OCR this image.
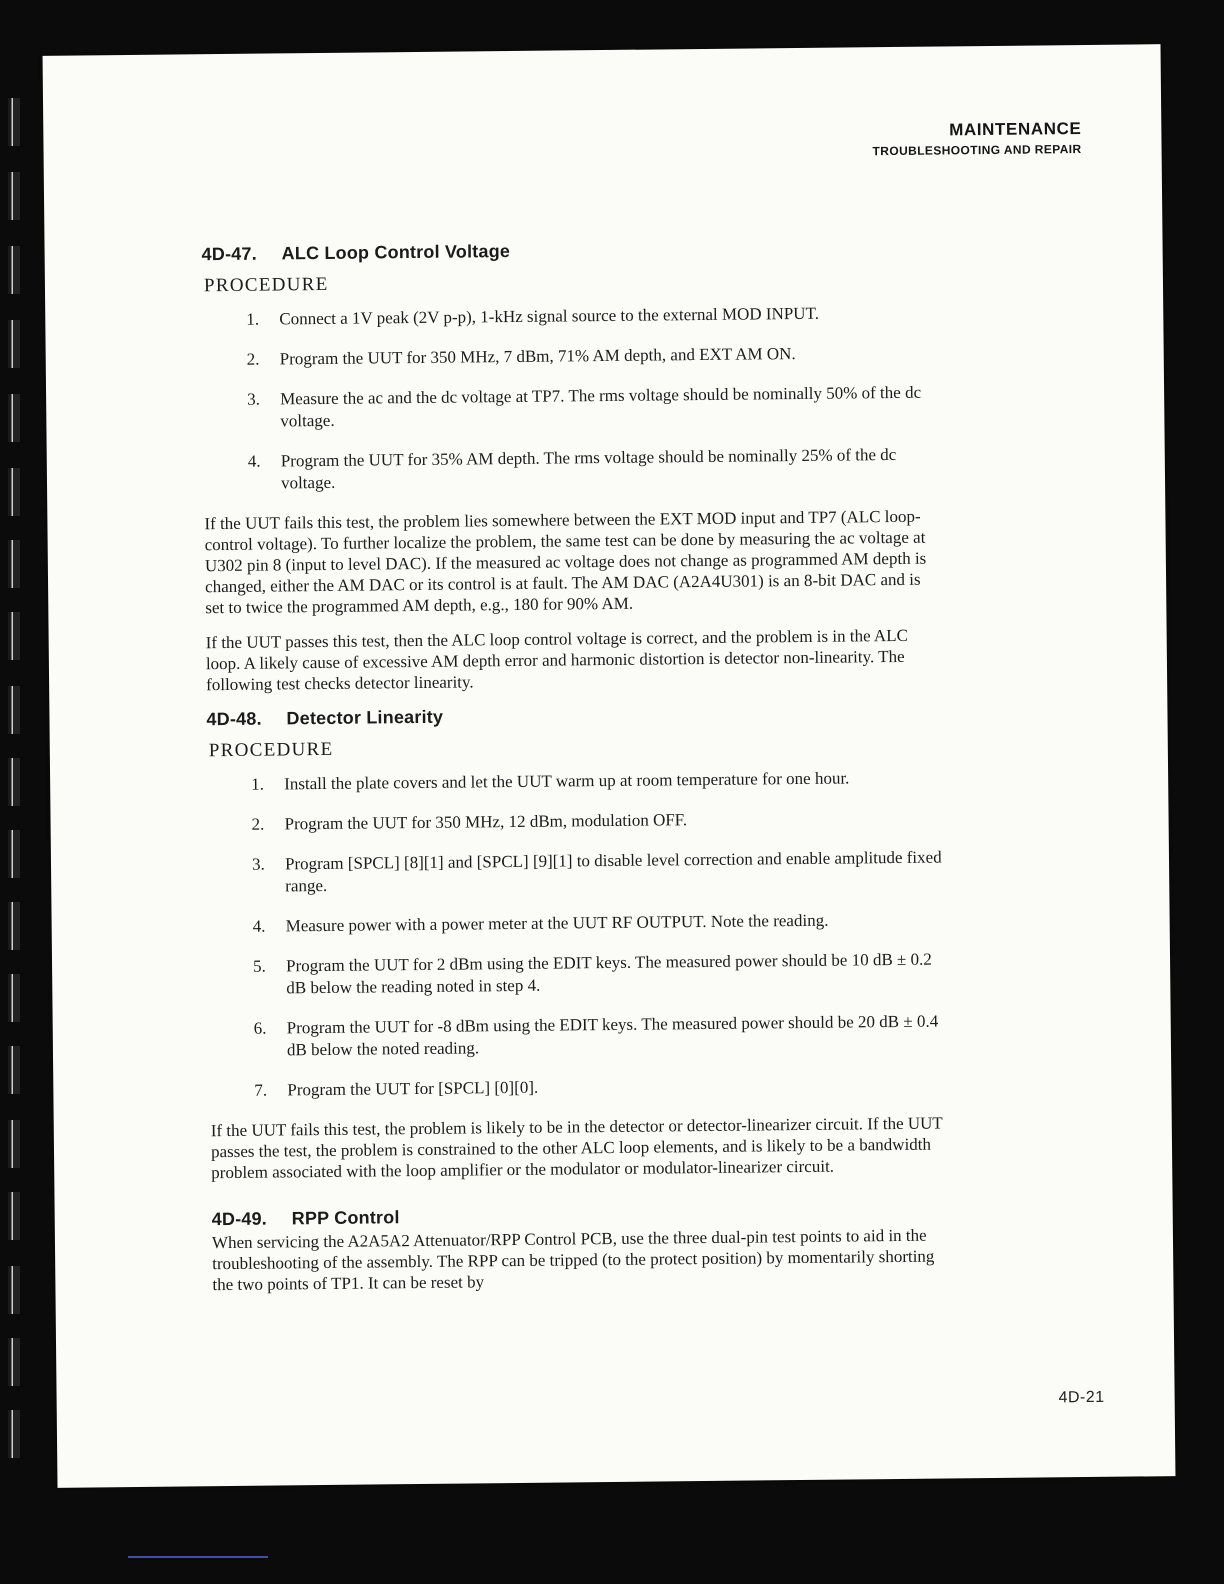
MAINTENANCE
TROUBLESHOOTING AND REPAIR
4D-47. ALC Loop Control Voltage
PROCEDURE
1. Connect a 1V peak (2V p-p), 1-kHz signal source to the external MOD INPUT.
2. Program the UUT for 350 MHz, 7 dBm, 71% AM depth, and EXT AM ON.
3. Measure the ac and the dc voltage at TP7. The rms voltage should be nominally 50% of the dc voltage.
4. Program the UUT for 35% AM depth. The rms voltage should be nominally 25% of the dc voltage.

If the UUT fails this test, the problem lies somewhere between the EXT MOD input and TP7 (ALC loop-control voltage). To further localize the problem, the same test can be done by measuring the ac voltage at U302 pin 8 (input to level DAC). If the measured ac voltage does not change as programmed AM depth is changed, either the AM DAC or its control is at fault. The AM DAC (A2A4U301) is an 8-bit DAC and is set to twice the programmed AM depth, e.g., 180 for 90% AM.

If the UUT passes this test, then the ALC loop control voltage is correct, and the problem is in the ALC loop. A likely cause of excessive AM depth error and harmonic distortion is detector non-linearity. The following test checks detector linearity.

4D-48. Detector Linearity
PROCEDURE
1. Install the plate covers and let the UUT warm up at room temperature for one hour.
2. Program the UUT for 350 MHz, 12 dBm, modulation OFF.
3. Program [SPCL] [8][1] and [SPCL] [9][1] to disable level correction and enable amplitude fixed range.
4. Measure power with a power meter at the UUT RF OUTPUT. Note the reading.
5. Program the UUT for 2 dBm using the EDIT keys. The measured power should be 10 dB ± 0.2 dB below the reading noted in step 4.
6. Program the UUT for -8 dBm using the EDIT keys. The measured power should be 20 dB ± 0.4 dB below the noted reading.
7. Program the UUT for [SPCL] [0][0].

If the UUT fails this test, the problem is likely to be in the detector or detector-linearizer circuit. If the UUT passes the test, the problem is constrained to the other ALC loop elements, and is likely to be a bandwidth problem associated with the loop amplifier or the modulator or modulator-linearizer circuit.

4D-49. RPP Control

When servicing the A2A5A2 Attenuator/RPP Control PCB, use the three dual-pin test points to aid in the troubleshooting of the assembly. The RPP can be tripped (to the protect position) by momentarily shorting the two points of TP1. It can be reset by

4D-21
